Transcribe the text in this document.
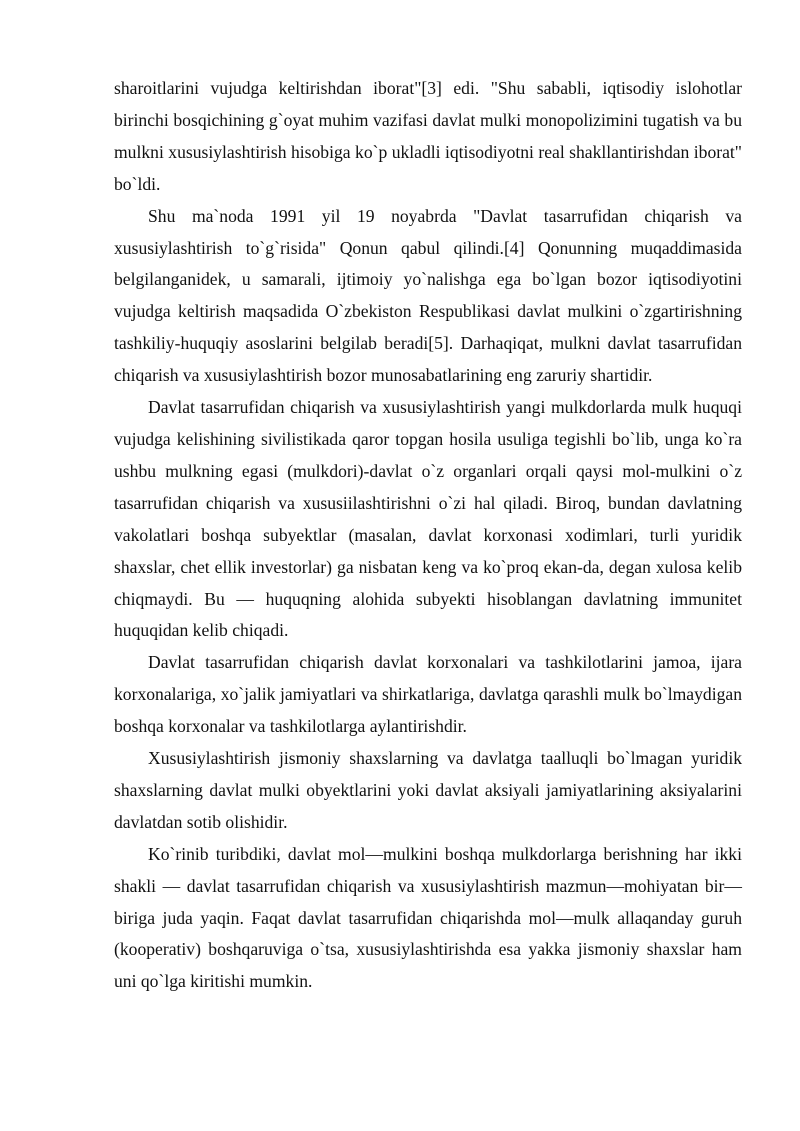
sharoitlarini vujudga keltirishdan iborat"[3] edi. "Shu sababli, iqtisodiy islohotlar birinchi bosqichining g`oyat muhim vazifasi davlat mulki monopolizimini tugatish va bu mulkni xususiylashtirish hisobiga ko`p ukladli iqtisodiyotni real shakllantirishdan iborat" bo`ldi.

Shu ma`noda 1991 yil 19 noyabrda "Davlat tasarrufidan chiqarish va xususiylashtirish to`g`risida" Qonun qabul qilindi.[4] Qonunning muqaddimasida belgilanganidek, u samarali, ijtimoiy yo`nalishga ega bo`lgan bozor iqtisodiyotini vujudga keltirish maqsadida O`zbekiston Respublikasi davlat mulkini o`zgartirishning tashkiliy-huquqiy asoslarini belgilab beradi[5]. Darhaqiqat, mulkni davlat tasarrufidan chiqarish va xususiylashtirish bozor munosabatlarining eng zaruriy shartidir.

Davlat tasarrufidan chiqarish va xususiylashtirish yangi mulkdorlarda mulk huquqi vujudga kelishining sivilistikada qaror topgan hosila usuliga tegishli bo`lib, unga ko`ra ushbu mulkning egasi (mulkdori)-davlat o`z organlari orqali qaysi mol-mulkini o`z tasarrufidan chiqarish va xususiilashtirishni o`zi hal qiladi. Biroq, bundan davlatning vakolatlari boshqa subyektlar (masalan, davlat korxonasi xodimlari, turli yuridik shaxslar, chet ellik investorlar) ga nisbatan keng va ko`proq ekan-da, degan xulosa kelib chiqmaydi. Bu — huquqning alohida subyekti hisoblangan davlatning immunitet huquqidan kelib chiqadi.

Davlat tasarrufidan chiqarish davlat korxonalari va tashkilotlarini jamoa, ijara korxonalariga, xo`jalik jamiyatlari va shirkatlariga, davlatga qarashli mulk bo`lmaydigan boshqa korxonalar va tashkilotlarga aylantirishdir.

Xususiylashtirish jismoniy shaxslarning va davlatga taalluqli bo`lmagan yuridik shaxslarning davlat mulki obyektlarini yoki davlat aksiyali jamiyatlarining aksiyalarini davlatdan sotib olishidir.

Ko`rinib turibdiki, davlat mol—mulkini boshqa mulkdorlarga berishning har ikki shakli — davlat tasarrufidan chiqarish va xususiylashtirish mazmun—mohiyatan bir—biriga juda yaqin. Faqat davlat tasarrufidan chiqarishda mol—mulk allaqanday guruh (kooperativ) boshqaruviga o`tsa, xususiylashtirishda esa yakka jismoniy shaxslar ham uni qo`lga kiritishi mumkin.
